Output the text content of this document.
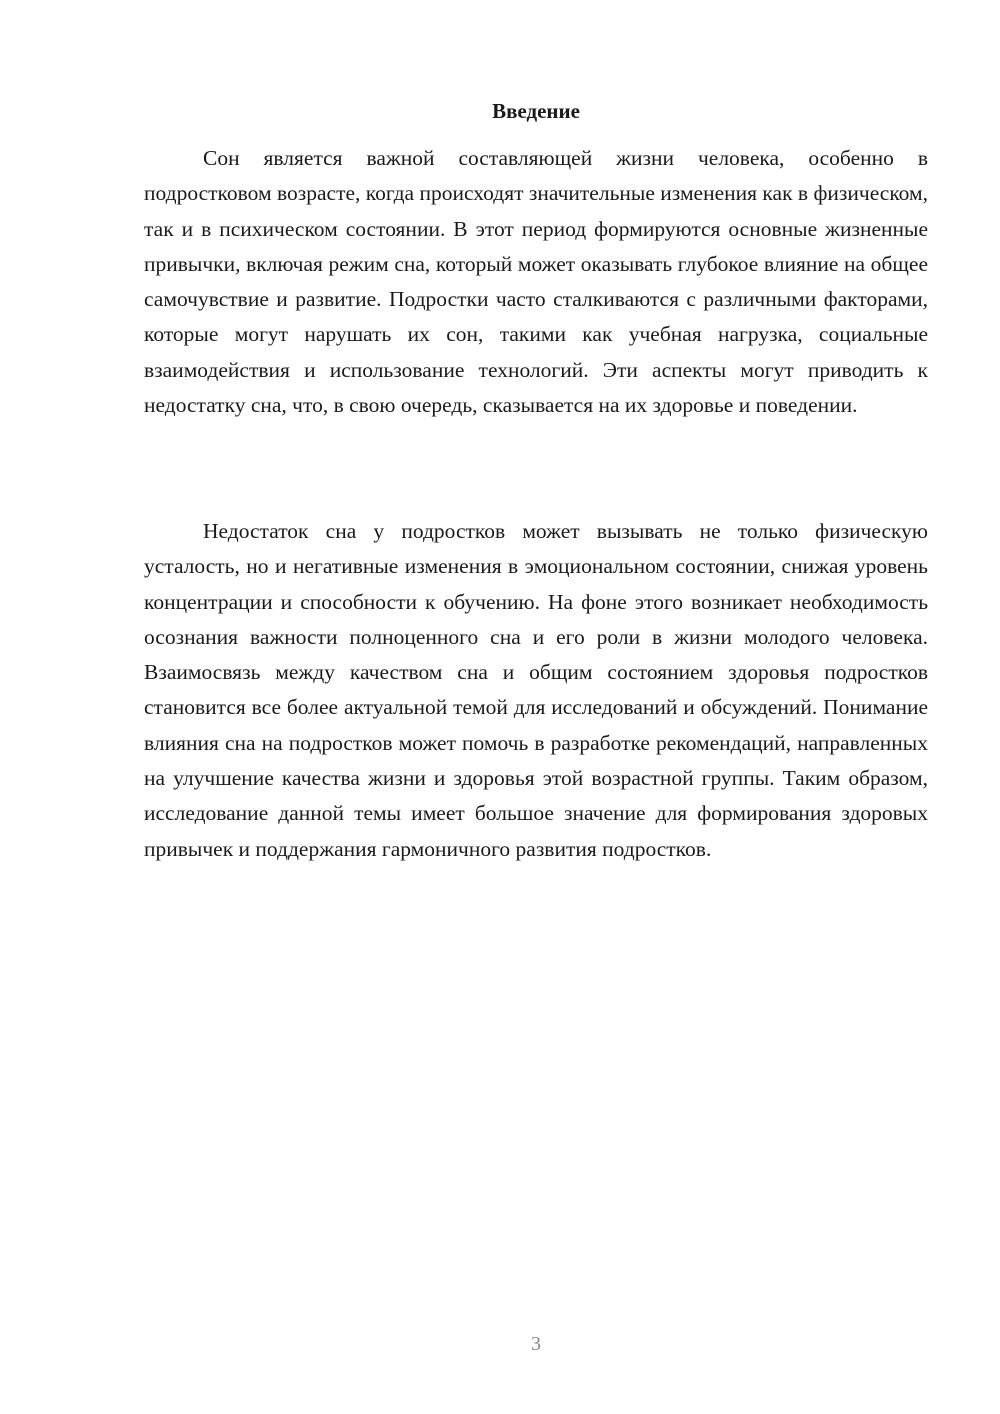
Введение

Сон является важной составляющей жизни человека, особенно в подростковом возрасте, когда происходят значительные изменения как в физическом, так и в психическом состоянии. В этот период формируются основные жизненные привычки, включая режим сна, который может оказывать глубокое влияние на общее самочувствие и развитие. Подростки часто сталкиваются с различными факторами, которые могут нарушать их сон, такими как учебная нагрузка, социальные взаимодействия и использование технологий. Эти аспекты могут приводить к недостатку сна, что, в свою очередь, сказывается на их здоровье и поведении.

Недостаток сна у подростков может вызывать не только физическую усталость, но и негативные изменения в эмоциональном состоянии, снижая уровень концентрации и способности к обучению. На фоне этого возникает необходимость осознания важности полноценного сна и его роли в жизни молодого человека. Взаимосвязь между качеством сна и общим состоянием здоровья подростков становится все более актуальной темой для исследований и обсуждений. Понимание влияния сна на подростков может помочь в разработке рекомендаций, направленных на улучшение качества жизни и здоровья этой возрастной группы. Таким образом, исследование данной темы имеет большое значение для формирования здоровых привычек и поддержания гармоничного развития подростков.

3
